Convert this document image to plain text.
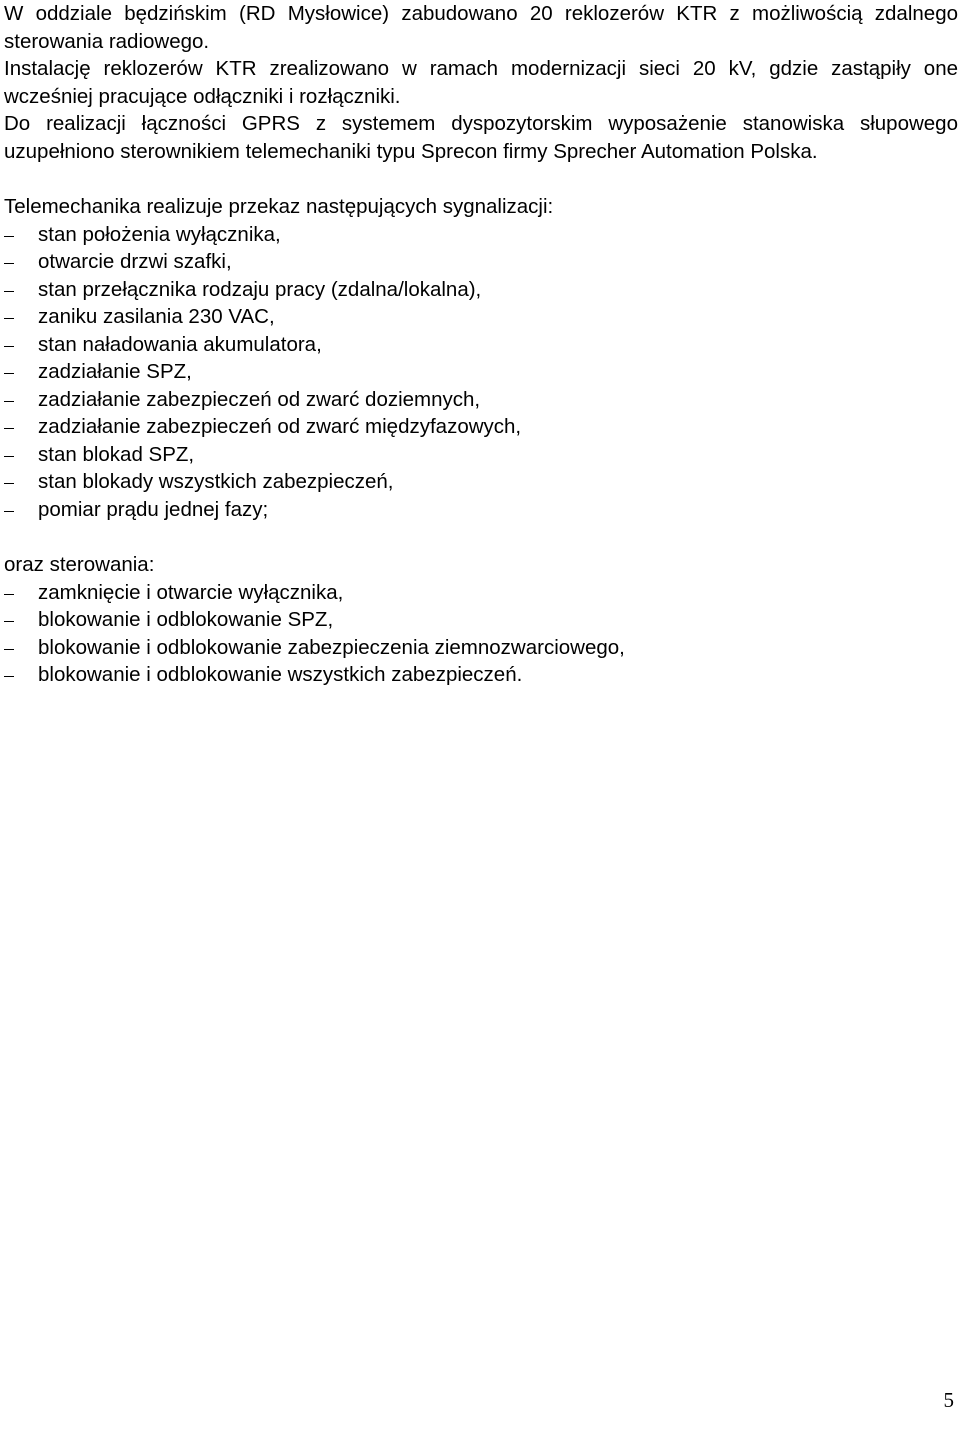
W oddziale będzińskim (RD Mysłowice) zabudowano 20 reklozerów KTR z możliwością zdalnego sterowania radiowego.

Instalację reklozerów KTR zrealizowano w ramach modernizacji sieci 20 kV, gdzie zastąpiły one wcześniej pracujące odłączniki i rozłączniki.

Do realizacji łączności GPRS z systemem dyspozytorskim wyposażenie stanowiska słupowego uzupełniono sterownikiem telemechaniki typu Sprecon firmy Sprecher Automation Polska.

Telemechanika realizuje przekaz następujących sygnalizacji:

stan położenia wyłącznika,
otwarcie drzwi szafki,
stan przełącznika rodzaju pracy (zdalna/lokalna),
zaniku zasilania 230 VAC,
stan naładowania akumulatora,
zadziałanie SPZ,
zadziałanie zabezpieczeń od zwarć doziemnych,
zadziałanie zabezpieczeń od zwarć międzyfazowych,
stan blokad SPZ,
stan blokady wszystkich zabezpieczeń,
pomiar prądu jednej fazy;

oraz sterowania:

zamknięcie i otwarcie wyłącznika,
blokowanie i odblokowanie SPZ,
blokowanie i odblokowanie zabezpieczenia ziemnozwarciowego,
blokowanie i odblokowanie wszystkich zabezpieczeń.
5
